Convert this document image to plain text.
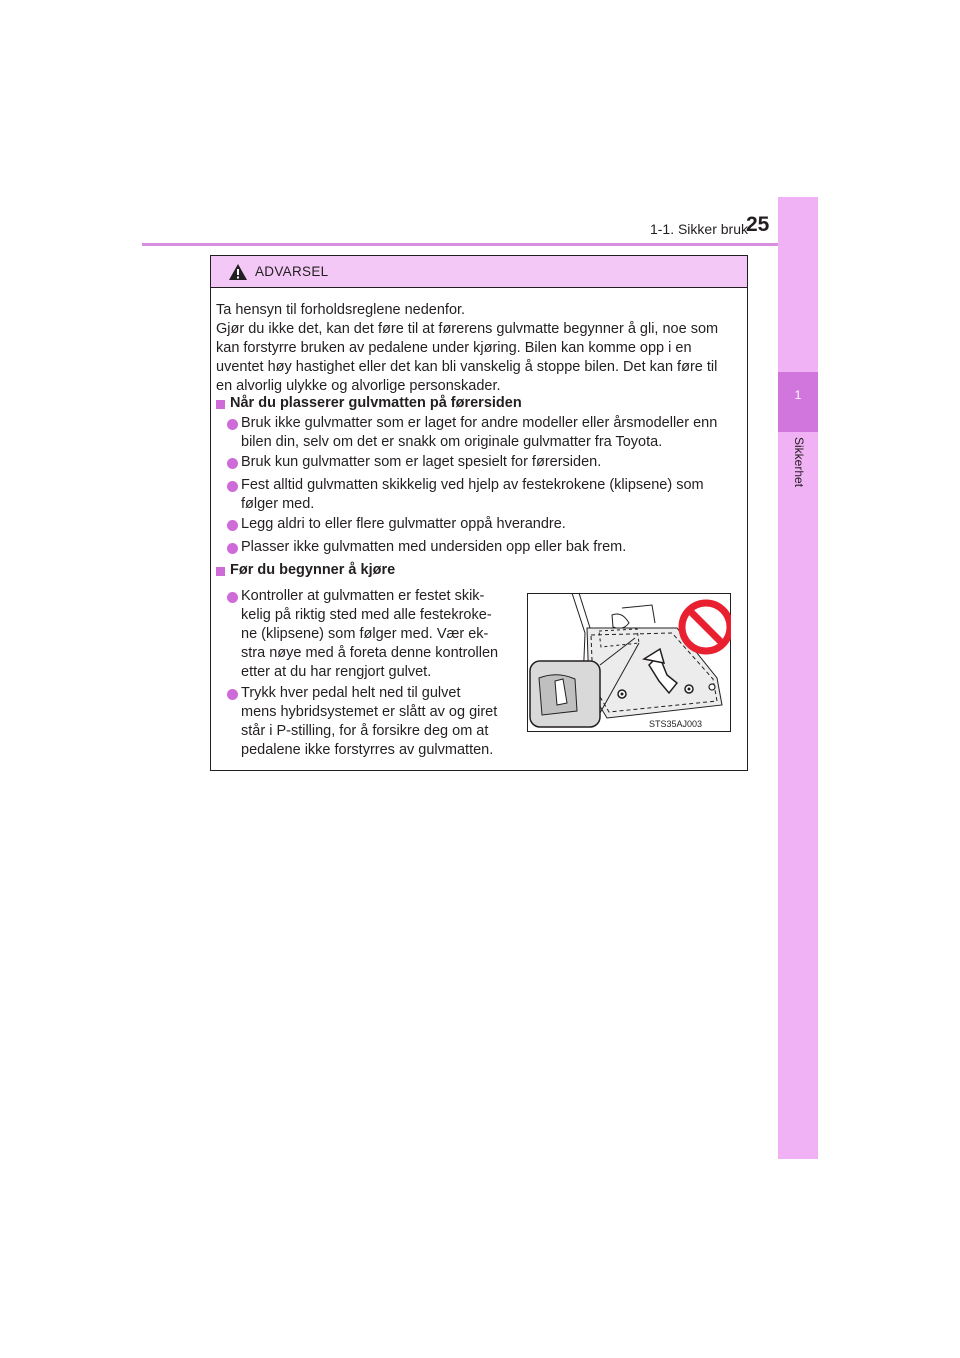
1-1. Sikker bruk
25
1
Sikkerhet
ADVARSEL
Ta hensyn til forholdsreglene nedenfor.
Gjør du ikke det, kan det føre til at førerens gulvmatte begynner å gli, noe som
kan forstyrre bruken av pedalene under kjøring. Bilen kan komme opp i en
uventet høy hastighet eller det kan bli vanskelig å stoppe bilen. Det kan føre til
en alvorlig ulykke og alvorlige personskader.
Når du plasserer gulvmatten på førersiden
Bruk ikke gulvmatter som er laget for andre modeller eller årsmodeller enn
bilen din, selv om det er snakk om originale gulvmatter fra Toyota.
Bruk kun gulvmatter som er laget spesielt for førersiden.
Fest alltid gulvmatten skikkelig ved hjelp av festekrokene (klipsene) som
følger med.
Legg aldri to eller flere gulvmatter oppå hverandre.
Plasser ikke gulvmatten med undersiden opp eller bak frem.
Før du begynner å kjøre
Kontroller at gulvmatten er festet skik-
kelig på riktig sted med alle festekroke-
ne (klipsene) som følger med. Vær ek-
stra nøye med å foreta denne kontrollen
etter at du har rengjort gulvet.
Trykk hver pedal helt ned til gulvet
mens hybridsystemet er slått av og giret
står i P-stilling, for å forsikre deg om at
pedalene ikke forstyrres av gulvmatten.
STS35AJ003
